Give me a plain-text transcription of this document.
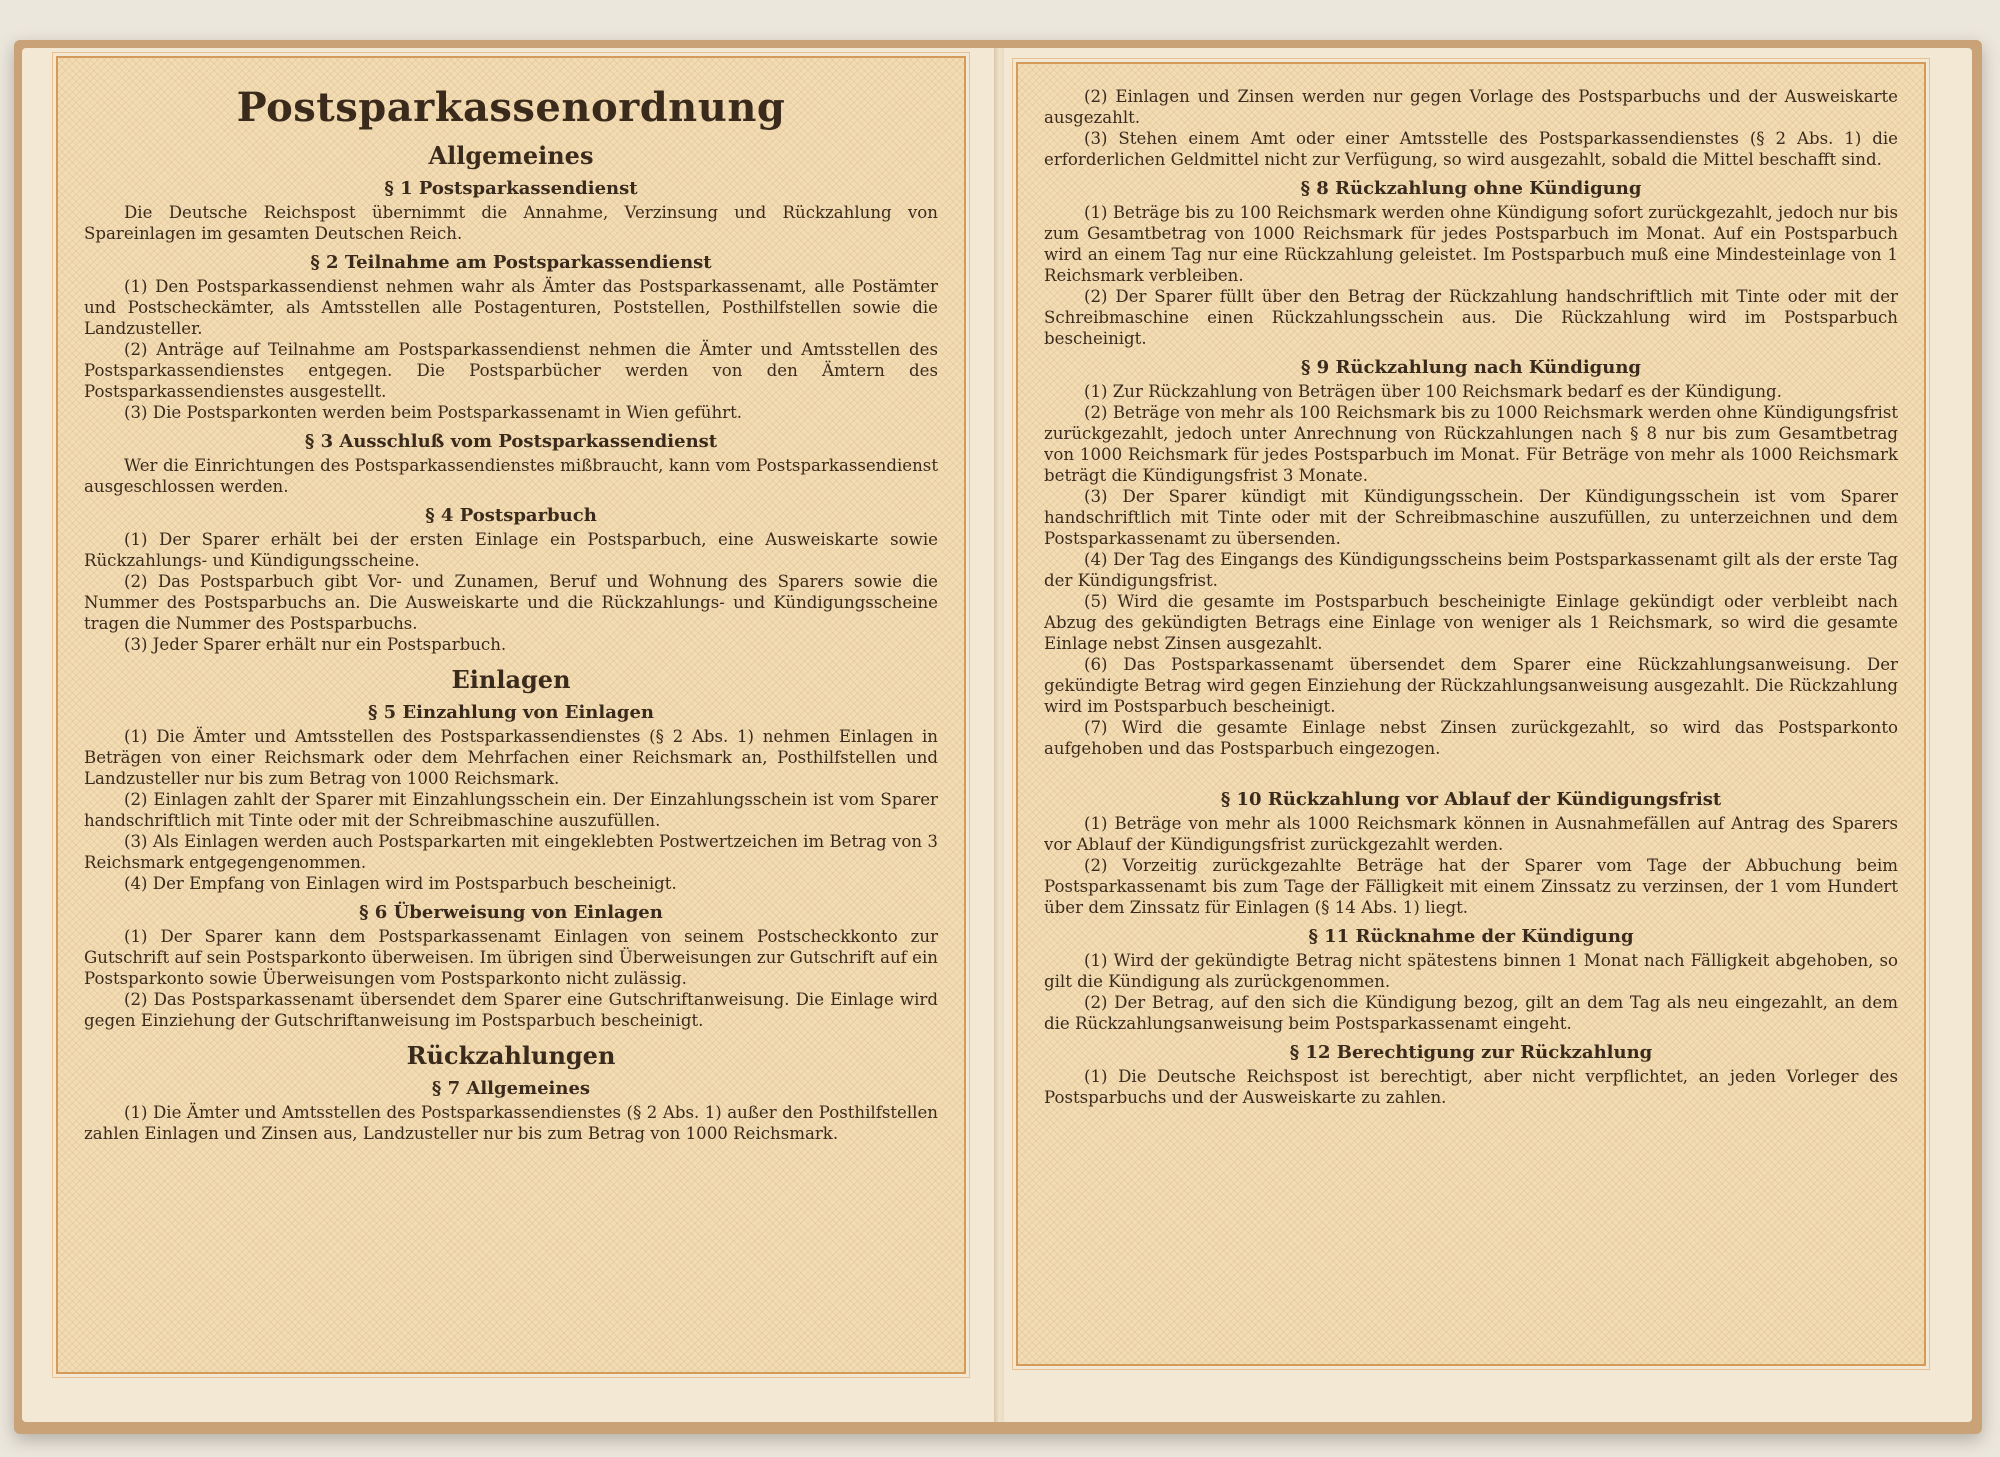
Postsparkassenordnung
Allgemeines
§ 1 Postsparkassendienst

Die Deutsche Reichspost übernimmt die Annahme, Verzinsung und Rückzahlung von Spareinlagen im gesamten Deutschen Reich.

§ 2 Teilnahme am Postsparkassendienst

(1) Den Postsparkassendienst nehmen wahr als Ämter das Postsparkassenamt, alle Postämter und Postscheckämter, als Amtsstellen alle Postagenturen, Poststellen, Posthilfstellen sowie die Landzusteller.

(2) Anträge auf Teilnahme am Postsparkassendienst nehmen die Ämter und Amtsstellen des Postsparkassendienstes entgegen. Die Postsparbücher werden von den Ämtern des Postsparkassendienstes ausgestellt.

(3) Die Postsparkonten werden beim Postsparkassenamt in Wien geführt.

§ 3 Ausschluß vom Postsparkassendienst

Wer die Einrichtungen des Postsparkassendienstes mißbraucht, kann vom Postsparkassendienst ausgeschlossen werden.

§ 4 Postsparbuch

(1) Der Sparer erhält bei der ersten Einlage ein Postsparbuch, eine Ausweiskarte sowie Rückzahlungs- und Kündigungsscheine.

(2) Das Postsparbuch gibt Vor- und Zunamen, Beruf und Wohnung des Sparers sowie die Nummer des Postsparbuchs an. Die Ausweiskarte und die Rückzahlungs- und Kündigungsscheine tragen die Nummer des Postsparbuchs.

(3) Jeder Sparer erhält nur ein Postsparbuch.

Einlagen
§ 5 Einzahlung von Einlagen

(1) Die Ämter und Amtsstellen des Postsparkassendienstes (§ 2 Abs. 1) nehmen Einlagen in Beträgen von einer Reichsmark oder dem Mehrfachen einer Reichsmark an, Posthilfstellen und Landzusteller nur bis zum Betrag von 1000 Reichsmark.

(2) Einlagen zahlt der Sparer mit Einzahlungsschein ein. Der Einzahlungsschein ist vom Sparer handschriftlich mit Tinte oder mit der Schreibmaschine auszufüllen.

(3) Als Einlagen werden auch Postsparkarten mit eingeklebten Postwertzeichen im Betrag von 3 Reichsmark entgegengenommen.

(4) Der Empfang von Einlagen wird im Postsparbuch bescheinigt.

§ 6 Überweisung von Einlagen

(1) Der Sparer kann dem Postsparkassenamt Einlagen von seinem Postscheckkonto zur Gutschrift auf sein Postsparkonto überweisen. Im übrigen sind Überweisungen zur Gutschrift auf ein Postsparkonto sowie Überweisungen vom Postsparkonto nicht zulässig.

(2) Das Postsparkassenamt übersendet dem Sparer eine Gutschriftanweisung. Die Einlage wird gegen Einziehung der Gutschriftanweisung im Postsparbuch bescheinigt.

Rückzahlungen
§ 7 Allgemeines

(1) Die Ämter und Amtsstellen des Postsparkassendienstes (§ 2 Abs. 1) außer den Posthilfstellen zahlen Einlagen und Zinsen aus, Landzusteller nur bis zum Betrag von 1000 Reichsmark.

(2) Einlagen und Zinsen werden nur gegen Vorlage des Postsparbuchs und der Ausweiskarte ausgezahlt.

(3) Stehen einem Amt oder einer Amtsstelle des Postsparkassendienstes (§ 2 Abs. 1) die erforderlichen Geldmittel nicht zur Verfügung, so wird ausgezahlt, sobald die Mittel beschafft sind.

§ 8 Rückzahlung ohne Kündigung

(1) Beträge bis zu 100 Reichsmark werden ohne Kündigung sofort zurückgezahlt, jedoch nur bis zum Gesamtbetrag von 1000 Reichsmark für jedes Postsparbuch im Monat. Auf ein Postsparbuch wird an einem Tag nur eine Rückzahlung geleistet. Im Postsparbuch muß eine Mindesteinlage von 1 Reichsmark verbleiben.

(2) Der Sparer füllt über den Betrag der Rückzahlung handschriftlich mit Tinte oder mit der Schreibmaschine einen Rückzahlungsschein aus. Die Rückzahlung wird im Postsparbuch bescheinigt.

§ 9 Rückzahlung nach Kündigung

(1) Zur Rückzahlung von Beträgen über 100 Reichsmark bedarf es der Kündigung.

(2) Beträge von mehr als 100 Reichsmark bis zu 1000 Reichsmark werden ohne Kündigungsfrist zurückgezahlt, jedoch unter Anrechnung von Rückzahlungen nach § 8 nur bis zum Gesamtbetrag von 1000 Reichsmark für jedes Postsparbuch im Monat. Für Beträge von mehr als 1000 Reichsmark beträgt die Kündigungsfrist 3 Monate.

(3) Der Sparer kündigt mit Kündigungsschein. Der Kündigungsschein ist vom Sparer handschriftlich mit Tinte oder mit der Schreibmaschine auszufüllen, zu unterzeichnen und dem Postsparkassenamt zu übersenden.

(4) Der Tag des Eingangs des Kündigungsscheins beim Postsparkassenamt gilt als der erste Tag der Kündigungsfrist.

(5) Wird die gesamte im Postsparbuch bescheinigte Einlage gekündigt oder verbleibt nach Abzug des gekündigten Betrags eine Einlage von weniger als 1 Reichsmark, so wird die gesamte Einlage nebst Zinsen ausgezahlt.

(6) Das Postsparkassenamt übersendet dem Sparer eine Rückzahlungsanweisung. Der gekündigte Betrag wird gegen Einziehung der Rückzahlungsanweisung ausgezahlt. Die Rückzahlung wird im Postsparbuch bescheinigt.

(7) Wird die gesamte Einlage nebst Zinsen zurückgezahlt, so wird das Postsparkonto aufgehoben und das Postsparbuch eingezogen.

§ 10 Rückzahlung vor Ablauf der Kündigungsfrist

(1) Beträge von mehr als 1000 Reichsmark können in Ausnahmefällen auf Antrag des Sparers vor Ablauf der Kündigungsfrist zurückgezahlt werden.

(2) Vorzeitig zurückgezahlte Beträge hat der Sparer vom Tage der Abbuchung beim Postsparkassenamt bis zum Tage der Fälligkeit mit einem Zinssatz zu verzinsen, der 1 vom Hundert über dem Zinssatz für Einlagen (§ 14 Abs. 1) liegt.

§ 11 Rücknahme der Kündigung

(1) Wird der gekündigte Betrag nicht spätestens binnen 1 Monat nach Fälligkeit abgehoben, so gilt die Kündigung als zurückgenommen.

(2) Der Betrag, auf den sich die Kündigung bezog, gilt an dem Tag als neu eingezahlt, an dem die Rückzahlungsanweisung beim Postsparkassenamt eingeht.

§ 12 Berechtigung zur Rückzahlung

(1) Die Deutsche Reichspost ist berechtigt, aber nicht verpflichtet, an jeden Vorleger des Postsparbuchs und der Ausweiskarte zu zahlen.
